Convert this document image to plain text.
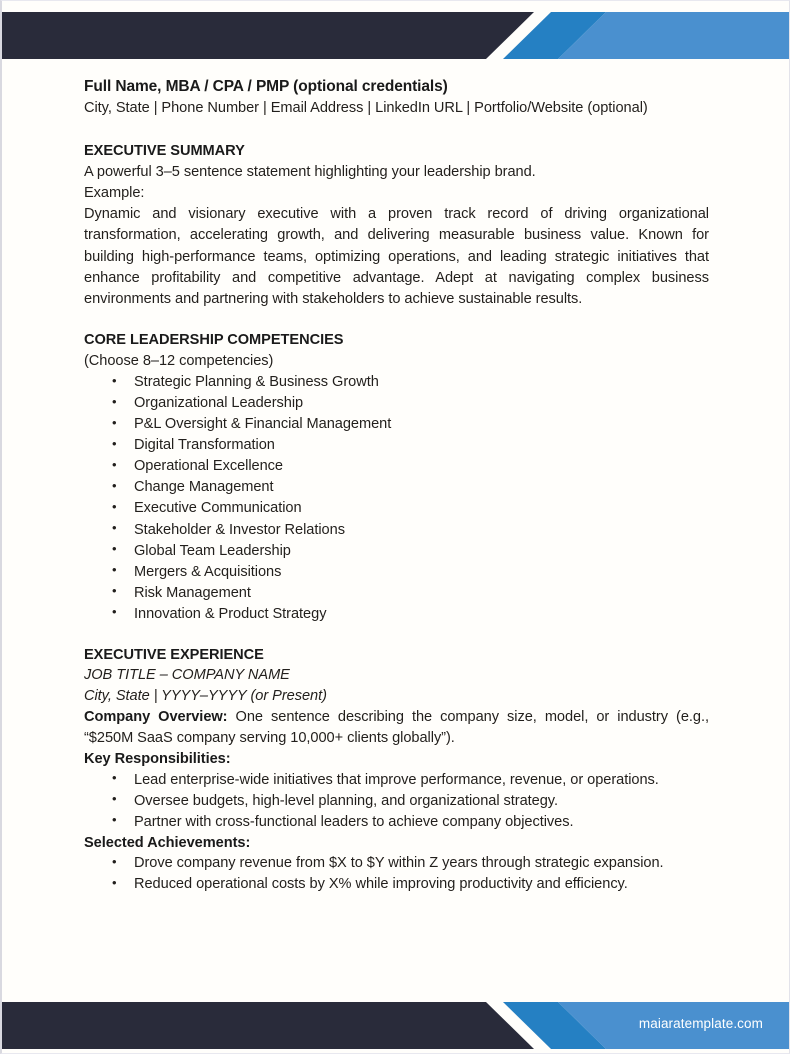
Full Name, MBA / CPA / PMP (optional credentials)
City, State | Phone Number | Email Address | LinkedIn URL | Portfolio/Website (optional)
EXECUTIVE SUMMARY
A powerful 3–5 sentence statement highlighting your leadership brand.
Example:
Dynamic and visionary executive with a proven track record of driving organizational transformation, accelerating growth, and delivering measurable business value. Known for building high-performance teams, optimizing operations, and leading strategic initiatives that enhance profitability and competitive advantage. Adept at navigating complex business environments and partnering with stakeholders to achieve sustainable results.
CORE LEADERSHIP COMPETENCIES
(Choose 8–12 competencies)
• Strategic Planning & Business Growth
• Organizational Leadership
• P&L Oversight & Financial Management
• Digital Transformation
• Operational Excellence
• Change Management
• Executive Communication
• Stakeholder & Investor Relations
• Global Team Leadership
• Mergers & Acquisitions
• Risk Management
• Innovation & Product Strategy
EXECUTIVE EXPERIENCE
JOB TITLE – COMPANY NAME
City, State | YYYY–YYYY (or Present)
Company Overview: One sentence describing the company size, model, or industry (e.g., “$250M SaaS company serving 10,000+ clients globally”).
Key Responsibilities:
• Lead enterprise-wide initiatives that improve performance, revenue, or operations.
• Oversee budgets, high-level planning, and organizational strategy.
• Partner with cross-functional leaders to achieve company objectives.
Selected Achievements:
• Drove company revenue from $X to $Y within Z years through strategic expansion.
• Reduced operational costs by X% while improving productivity and efficiency.
maiaratemplate.com
